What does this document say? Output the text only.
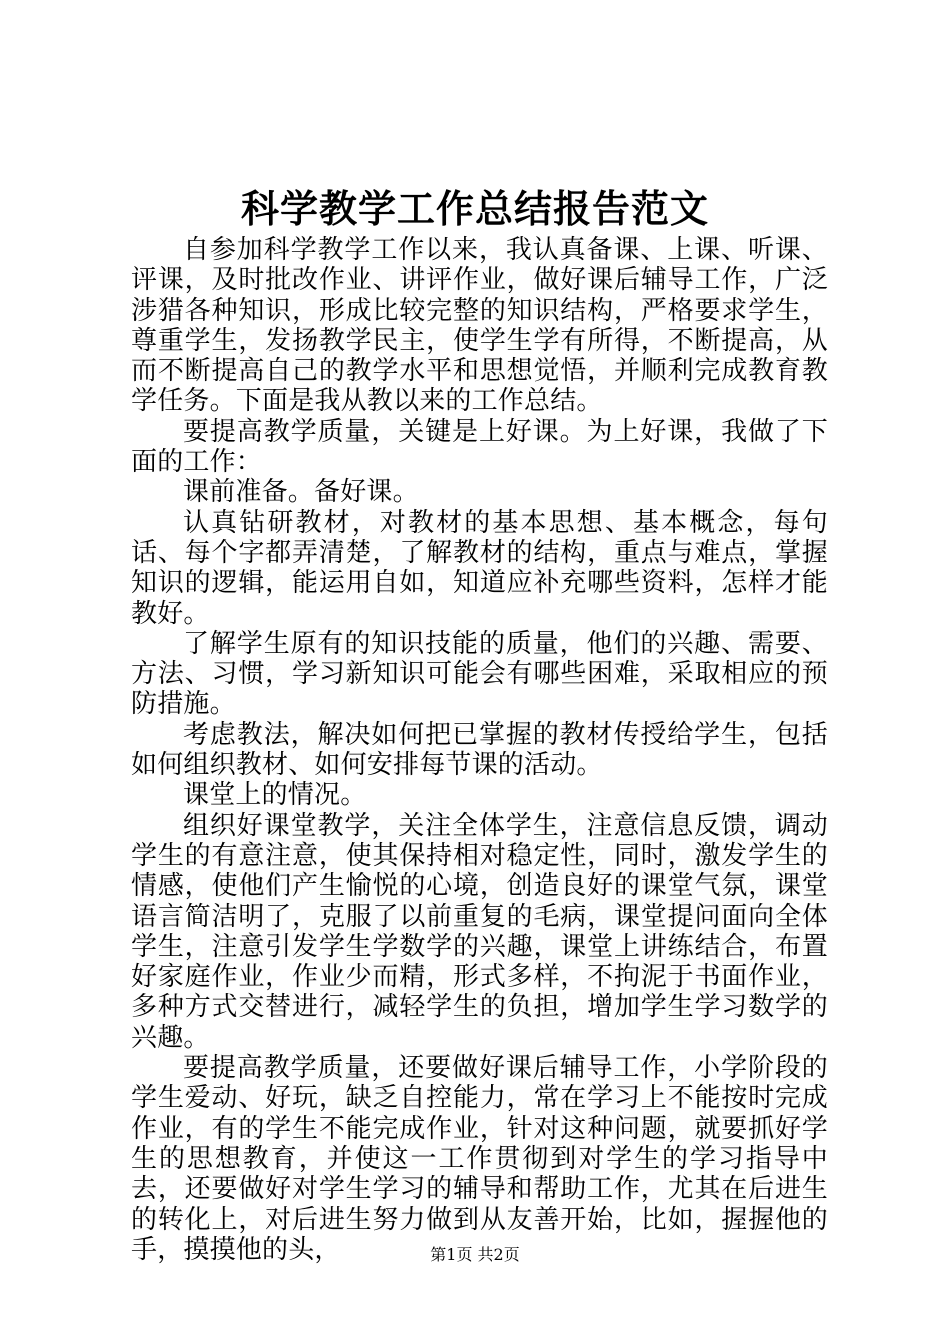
科学教学工作总结报告范文

自参加科学教学工作以来，我认真备课、上课、听课、评课，及时批改作业、讲评作业，做好课后辅导工作，广泛涉猎各种知识，形成比较完整的知识结构，严格要求学生，尊重学生，发扬教学民主，使学生学有所得，不断提高，从而不断提高自己的教学水平和思想觉悟，并顺利完成教育教学任务。下面是我从教以来的工作总结。

要提高教学质量，关键是上好课。为上好课，我做了下面的工作：

课前准备。备好课。

认真钻研教材，对教材的基本思想、基本概念，每句话、每个字都弄清楚，了解教材的结构，重点与难点，掌握知识的逻辑，能运用自如，知道应补充哪些资料，怎样才能教好。

了解学生原有的知识技能的质量，他们的兴趣、需要、方法、习惯，学习新知识可能会有哪些困难，采取相应的预防措施。

考虑教法，解决如何把已掌握的教材传授给学生，包括如何组织教材、如何安排每节课的活动。

课堂上的情况。

组织好课堂教学，关注全体学生，注意信息反馈，调动学生的有意注意，使其保持相对稳定性，同时，激发学生的情感，使他们产生愉悦的心境，创造良好的课堂气氛，课堂语言简洁明了，克服了以前重复的毛病，课堂提问面向全体学生，注意引发学生学数学的兴趣，课堂上讲练结合，布置好家庭作业，作业少而精，形式多样，不拘泥于书面作业，多种方式交替进行，减轻学生的负担，增加学生学习数学的兴趣。

要提高教学质量，还要做好课后辅导工作，小学阶段的学生爱动、好玩，缺乏自控能力，常在学习上不能按时完成作业，有的学生不能完成作业，针对这种问题，就要抓好学生的思想教育，并使这一工作贯彻到对学生的学习指导中去，还要做好对学生学习的辅导和帮助工作，尤其在后进生的转化上，对后进生努力做到从友善开始，比如，握握他的手，摸摸他的头，	第1页 共2页
